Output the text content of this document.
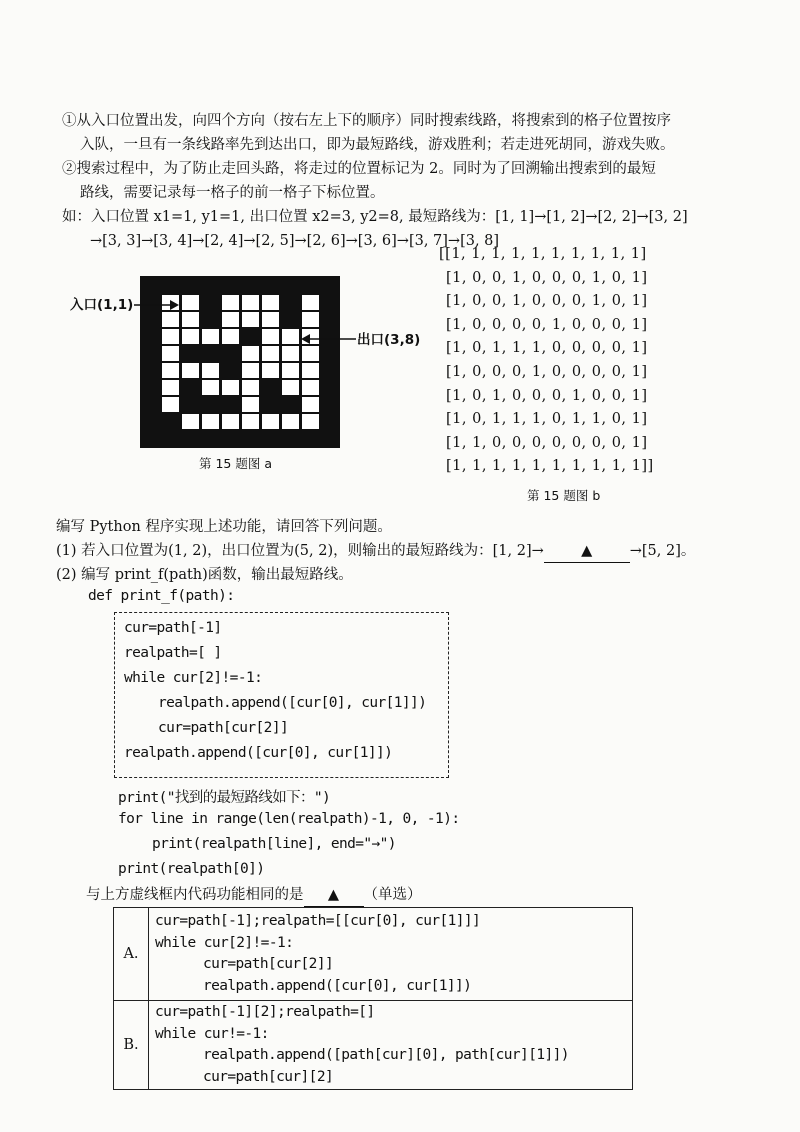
①从入口位置出发，向四个方向（按右左上下的顺序）同时搜索线路，将搜索到的格子位置按序
入队，一旦有一条线路率先到达出口，即为最短路线，游戏胜利；若走进死胡同，游戏失败。
②搜索过程中，为了防止走回头路，将走过的位置标记为 2。同时为了回溯输出搜索到的最短
路线，需要记录每一格子的前一格子下标位置。
如：入口位置 x1=1, y1=1, 出口位置 x2=3, y2=8, 最短路线为：[1, 1]→[1, 2]→[2, 2]→[3, 2]
→[3, 3]→[3, 4]→[2, 4]→[2, 5]→[2, 6]→[3, 6]→[3, 7]→[3, 8]
入口(1,1)
出口(3,8)
第 15 题图 a
[[1, 1, 1, 1, 1, 1, 1, 1, 1, 1]
[1, 0, 0, 1, 0, 0, 0, 1, 0, 1]
[1, 0, 0, 1, 0, 0, 0, 1, 0, 1]
[1, 0, 0, 0, 0, 1, 0, 0, 0, 1]
[1, 0, 1, 1, 1, 0, 0, 0, 0, 1]
[1, 0, 0, 0, 1, 0, 0, 0, 0, 1]
[1, 0, 1, 0, 0, 0, 1, 0, 0, 1]
[1, 0, 1, 1, 1, 0, 1, 1, 0, 1]
[1, 1, 0, 0, 0, 0, 0, 0, 0, 1]
[1, 1, 1, 1, 1, 1, 1, 1, 1, 1]]
第 15 题图 b
编写 Python 程序实现上述功能，请回答下列问题。
(1) 若入口位置为(1, 2)，出口位置为(5, 2)，则输出的最短路线为：[1, 2]→	▲	→[5, 2]。
(2) 编写 print_f(path)函数，输出最短路线。
def print_f(path):
cur=path[-1]
realpath=[ ]
while cur[2]!=-1:
realpath.append([cur[0], cur[1]])
cur=path[cur[2]]
realpath.append([cur[0], cur[1]])
print("找到的最短路线如下：")
for line in range(len(realpath)-1, 0, -1):
print(realpath[line], end="→")
print(realpath[0])
与上方虚线框内代码功能相同的是 ▲ （单选）
A.	cur=path[-1];realpath=[[cur[0], cur[1]]]
while cur[2]!=-1:
cur=path[cur[2]]
realpath.append([cur[0], cur[1]])

B.	cur=path[-1][2];realpath=[]
while cur!=-1:
realpath.append([path[cur][0], path[cur][1]])
cur=path[cur][2]
